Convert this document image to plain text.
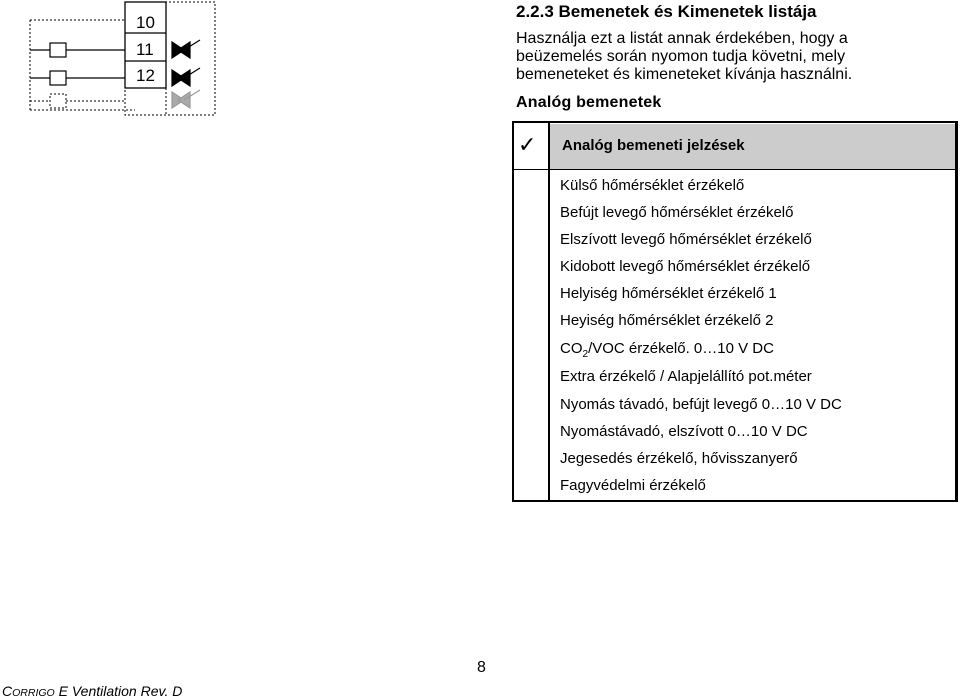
10
11
12
2.2.3 Bemenetek és Kimenetek listája
Használja ezt a listát annak érdekében, hogy a
beüzemelés során nyomon tudja követni, mely
bemeneteket és kimeneteket kívánja használni.
Analóg bemenetek
✓ Analóg bemeneti jelzések
Külső hőmérséklet érzékelő
Befújt levegő hőmérséklet érzékelő
Elszívott levegő hőmérséklet érzékelő
Kidobott levegő hőmérséklet érzékelő
Helyiség hőmérséklet érzékelő 1
Heyiség hőmérséklet érzékelő 2
$CO_2$/VOC érzékelő. 0…10 V DC
Extra érzékelő / Alapjelállító pot.méter
Nyomás távadó, befújt levegő 0…10 V DC
Nyomástávadó, elszívott 0…10 V DC
Jegesedés érzékelő, hővisszanyerő
Fagyvédelmi érzékelő
8
CORRIGO E Ventilation Rev. D
